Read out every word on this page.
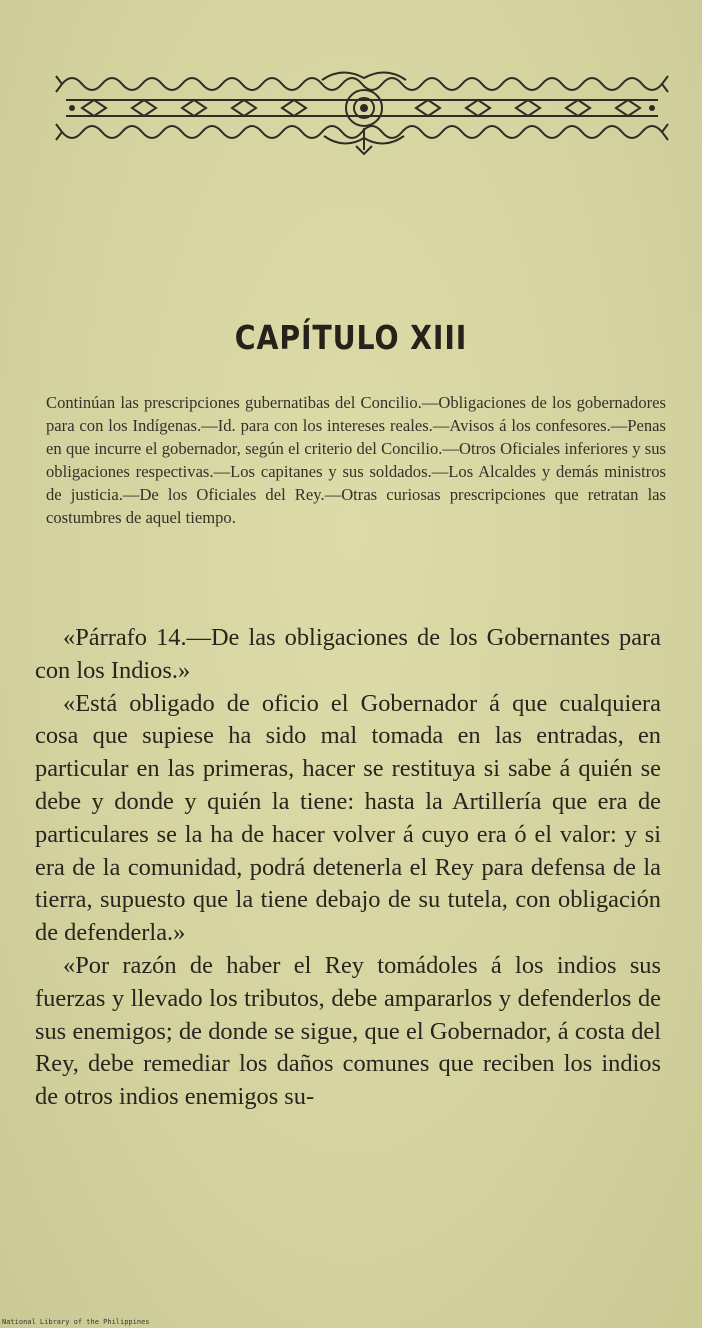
CAPÍTULO XIII
Continúan las prescripciones gubernatibas del Concilio.—Obligaciones de los gobernadores para con los Indígenas.—Id. para con los intereses reales.—Avisos á los confesores.—Penas en que incurre el gobernador, según el criterio del Concilio.—Otros Oficiales inferiores y sus obligaciones respectivas.—Los capitanes y sus soldados.—Los Alcaldes y demás ministros de justicia.—De los Oficiales del Rey.—Otras curiosas prescripciones que retratan las costumbres de aquel tiempo.

«Párrafo 14.—De las obligaciones de los Gobernantes para con los Indios.»

«Está obligado de oficio el Gobernador á que cualquiera cosa que supiese ha sido mal tomada en las entradas, en particular en las primeras, hacer se restituya si sabe á quién se debe y donde y quién la tiene: hasta la Artillería que era de particulares se la ha de hacer volver á cuyo era ó el valor: y si era de la comunidad, podrá detenerla el Rey para defensa de la tierra, supuesto que la tiene debajo de su tutela, con obligación de defenderla.»

«Por razón de haber el Rey tomádoles á los indios sus fuerzas y llevado los tributos, debe ampararlos y defenderlos de sus enemigos; de donde se sigue, que el Gobernador, á costa del Rey, debe remediar los daños comunes que reciben los indios de otros indios enemigos su-

National Library of the Philippines
